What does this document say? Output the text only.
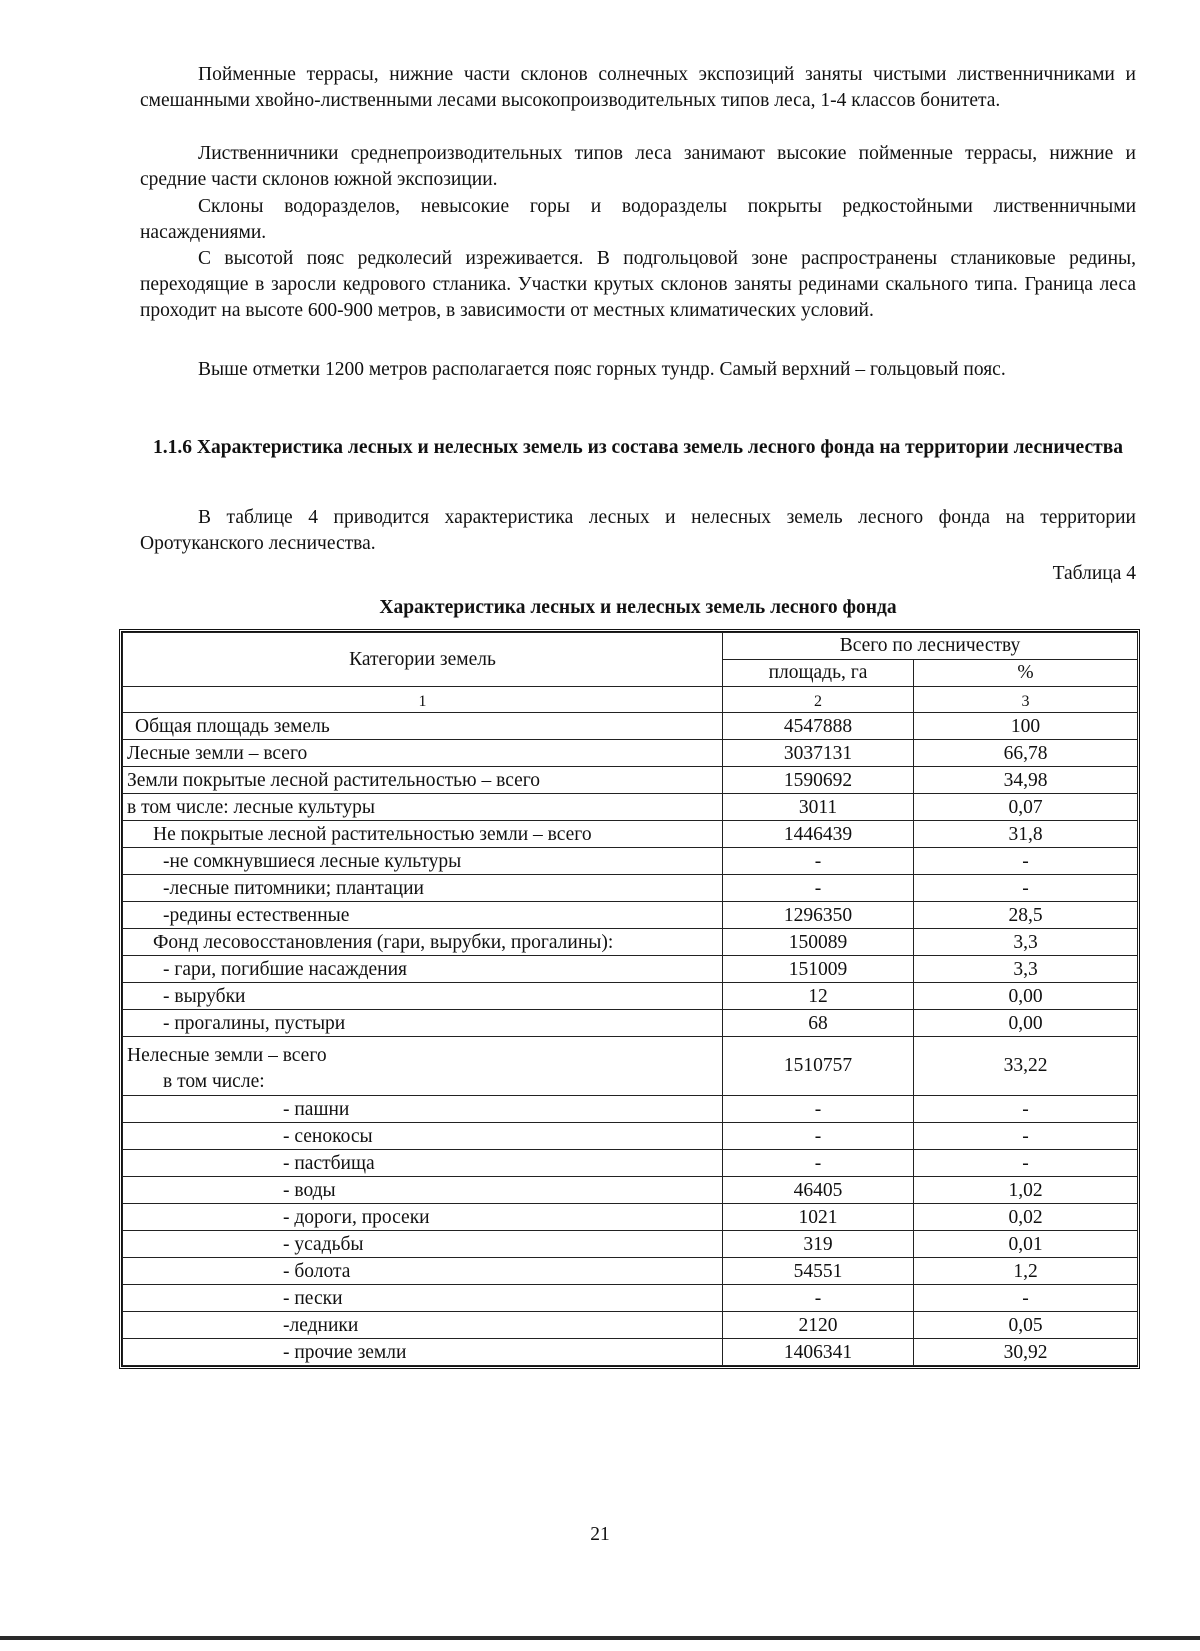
Пойменные террасы, нижние части склонов солнечных экспозиций заняты чистыми лиственничниками и смешанными хвойно-лиственными лесами высокопроизводительных типов леса, 1-4 классов бонитета.

Лиственничники среднепроизводительных типов леса занимают высокие пойменные террасы, нижние и средние части склонов южной экспозиции.

Склоны водоразделов, невысокие горы и водоразделы покрыты редкостойными лиственничными насаждениями.

С высотой пояс редколесий изреживается. В подгольцовой зоне распространены стланиковые редины, переходящие в заросли кедрового стланика. Участки крутых склонов заняты рединами скального типа. Граница леса проходит на высоте 600-900 метров, в зависимости от местных климатических условий.

Выше отметки 1200 метров располагается пояс горных тундр. Самый верхний – гольцовый пояс.

1.1.6 Характеристика лесных и нелесных земель из состава земель лесного фонда на территории лесничества

В таблице 4 приводится характеристика лесных и нелесных земель лесного фонда на территории Оротуканского лесничества.

Таблица 4
Характеристика лесных и нелесных земель лесного фонда
Категории земель	Всего по лесничеству	
	площадь, га	%
1	2	3
Общая площадь земель	4547888	100
Лесные земли – всего	3037131	66,78
Земли покрытые лесной растительностью – всего	1590692	34,98
в том числе: лесные культуры	3011	0,07
Не покрытые лесной растительностью земли – всего	1446439	31,8
-не сомкнувшиеся лесные культуры	-	-
-лесные питомники; плантации	-	-
-редины естественные	1296350	28,5
Фонд лесовосстановления (гари, вырубки, прогалины):	150089	3,3
- гари, погибшие насаждения	151009	3,3
- вырубки	12	0,00
- прогалины, пустыри	68	0,00

Нелесные земли – всего
в том числе:	1510757	33,22
- пашни	-	-
- сенокосы	-	-
- пастбища	-	-
- воды	46405	1,02
- дороги, просеки	1021	0,02
- усадьбы	319	0,01
- болота	54551	1,2
- пески	-	-
-ледники	2120	0,05
- прочие земли	1406341	30,92
21
